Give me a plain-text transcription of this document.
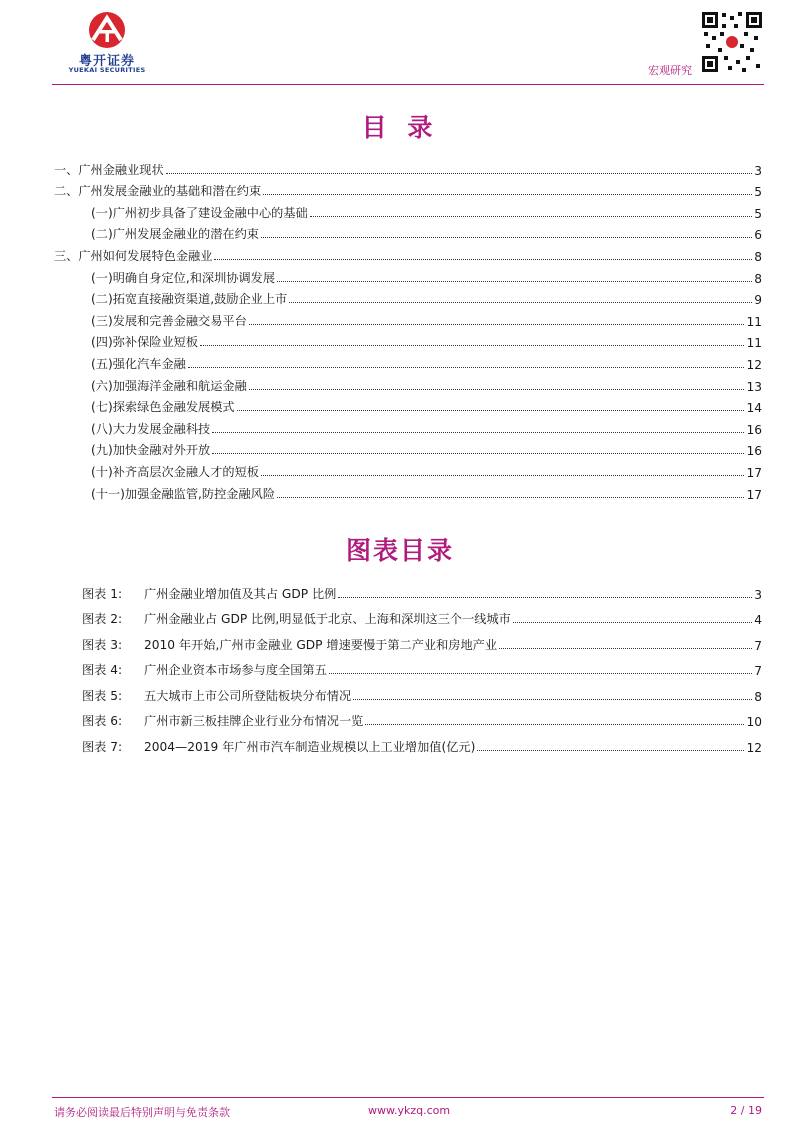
粤开证券
YUEKAI SECURITIES	宏观研究
目 录
一、广州金融业现状	3
二、广州发展金融业的基础和潜在约束	5
(一)广州初步具备了建设金融中心的基础	5
(二)广州发展金融业的潜在约束	6
三、广州如何发展特色金融业	8
(一)明确自身定位,和深圳协调发展	8
(二)拓宽直接融资渠道,鼓励企业上市	9
(三)发展和完善金融交易平台	11
(四)弥补保险业短板	11
(五)强化汽车金融	12
(六)加强海洋金融和航运金融	13
(七)探索绿色金融发展模式	14
(八)大力发展金融科技	16
(九)加快金融对外开放	16
(十)补齐高层次金融人才的短板	17
(十一)加强金融监管,防控金融风险	17
图表目录
图表 1:	广州金融业增加值及其占 GDP 比例	3
图表 2:	广州金融业占 GDP 比例,明显低于北京、上海和深圳这三个一线城市	4
图表 3:	2010 年开始,广州市金融业 GDP 增速要慢于第二产业和房地产业	7
图表 4:	广州企业资本市场参与度全国第五	7
图表 5:	五大城市上市公司所登陆板块分布情况	8
图表 6:	广州市新三板挂牌企业行业分布情况一览	10
图表 7:	2004—2019 年广州市汽车制造业规模以上工业增加值(亿元)	12
请务必阅读最后特别声明与免责条款	www.ykzq.com	2 / 19
